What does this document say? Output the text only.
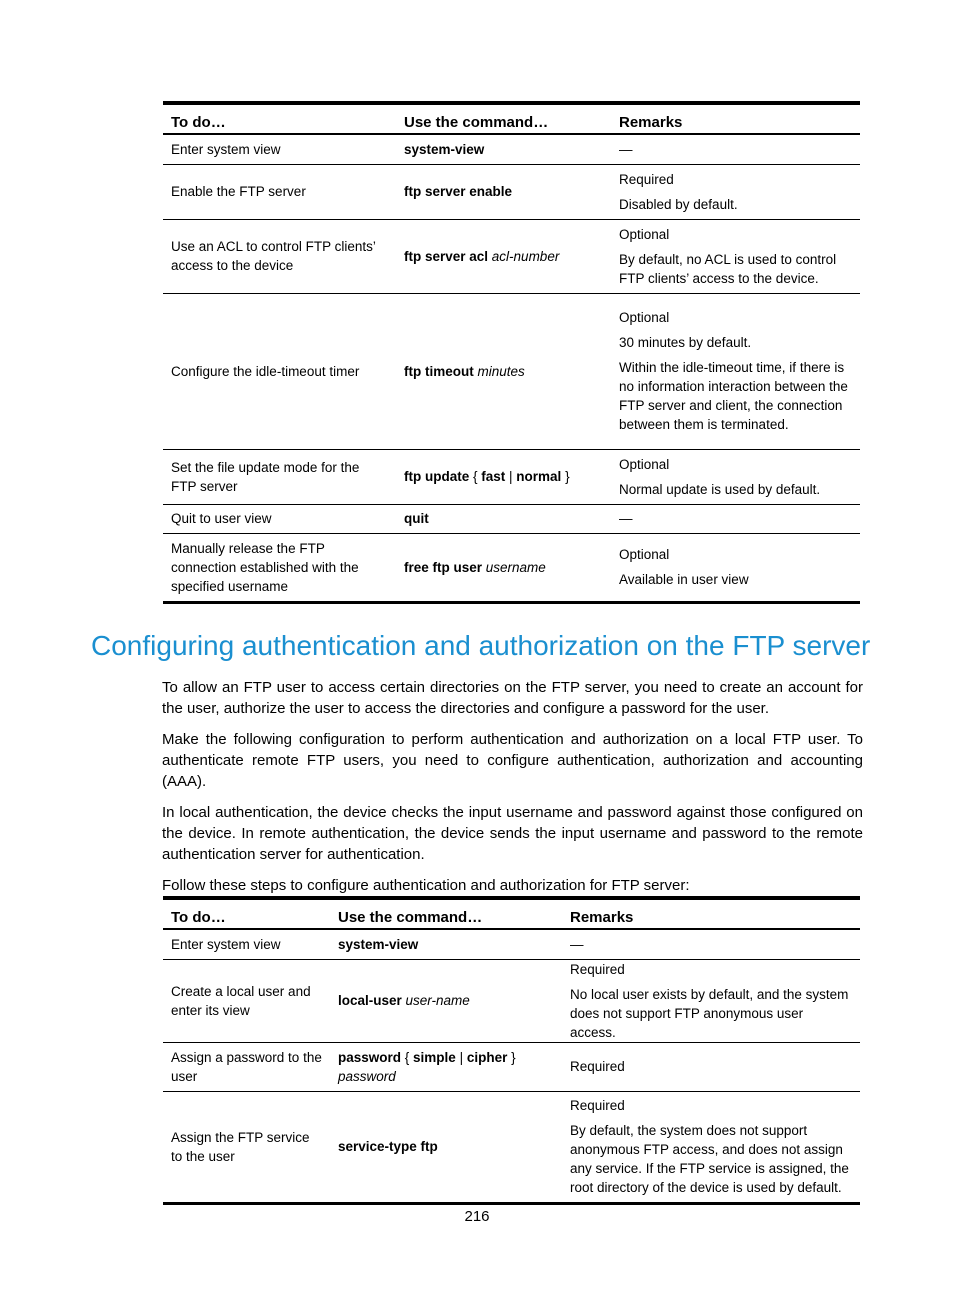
To do…	Use the command…	Remarks
Enter system view	system-view	—

Enable the FTP server	ftp server enable	Required

Disabled by default.

Use an ACL to control FTP clients’ access to the device	ftp server acl acl-number	Optional

By default, no ACL is used to control FTP clients’ access to the device.

Configure the idle-timeout timer	ftp timeout minutes	Optional

30 minutes by default.

Within the idle-timeout time, if there is no information interaction between the FTP server and client, the connection between them is terminated.

Set the file update mode for the FTP server	ftp update { fast | normal }	Optional

Normal update is used by default.

Quit to user view	quit	—

Manually release the FTP connection established with the specified username	free ftp user username	Optional

Available in user view

Configuring authentication and authorization on the FTP server

To allow an FTP user to access certain directories on the FTP server, you need to create an account for the user, authorize the user to access the directories and configure a password for the user.

Make the following configuration to perform authentication and authorization on a local FTP user. To authenticate remote FTP users, you need to configure authentication, authorization and accounting (AAA).

In local authentication, the device checks the input username and password against those configured on the device. In remote authentication, the device sends the input username and password to the remote authentication server for authentication.

Follow these steps to configure authentication and authorization for FTP server:

To do…	Use the command…	Remarks
Enter system view	system-view	—

Create a local user and enter its view	local-user user-name	Required

No local user exists by default, and the system does not support FTP anonymous user access.

Assign a password to the user	password { simple | cipher } password	Required

Assign the FTP service to the user	service-type ftp	Required

By default, the system does not support anonymous FTP access, and does not assign any service. If the FTP service is assigned, the root directory of the device is used by default.

216
